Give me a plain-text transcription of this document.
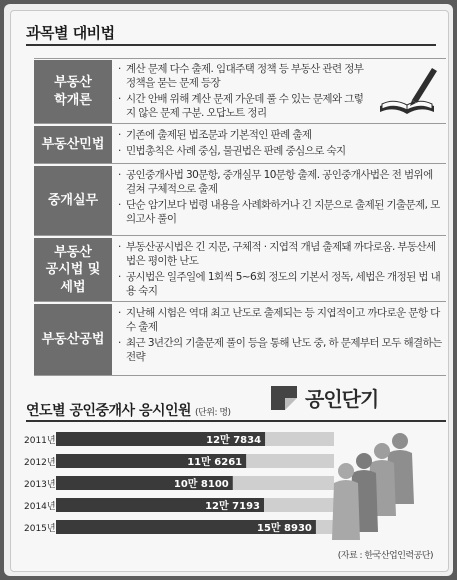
과목별 대비법
부동산
학개론
· 계산 문제 다수 출제. 임대주택 정책 등 부동산 관련 정부 정책을 묻는 문제 등장
· 시간 안배 위해 계산 문제 가운데 풀 수 있는 문제와 그렇지 않은 문제 구분. 오답노트 정리
부동산민법
· 기존에 출제된 법조문과 기본적인 판례 출제
· 민법총칙은 사례 중심, 물권법은 판례 중심으로 숙지
중개실무
· 공인중개사법 30문항, 중개실무 10문항 출제. 공인중개사법은 전 범위에 걸쳐 구체적으로 출제
· 단순 암기보다 법령 내용을 사례화하거나 긴 지문으로 출제된 기출문제, 모의고사 풀이
부동산
공시법 및
세법
· 부동산공시법은 긴 지문, 구체적 · 지엽적 개념 출제돼 까다로움. 부동산세법은 평이한 난도
· 공시법은 일주일에 1회씩 5~6회 정도의 기본서 정독, 세법은 개정된 법 내용 숙지
부동산공법
· 지난해 시험은 역대 최고 난도로 출제되는 등 지엽적이고 까다로운 문항 다수 출제
· 최근 3년간의 기출문제 풀이 등을 통해 난도 중, 하 문제부터 모두 해결하는 전략
공인단기
연도별 공인중개사 응시인원 (단위: 명)
2011년	12만 7834
2012년	11만 6261
2013년	10만 8100
2014년	12만 7193
2015년	15만 8930
(자료 : 한국산업인력공단)
